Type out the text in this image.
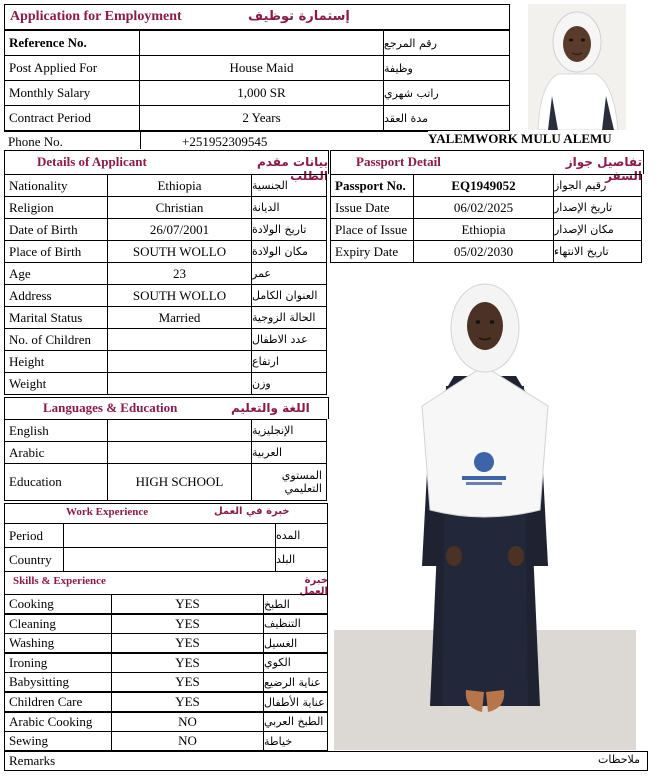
Application for Employment	إستمارة توظيف
Reference No.	رقم المرجع
Post Applied For	House Maid	وظيفة
Monthly Salary	1,000 SR	راتب شهري
Contract Period	2 Years	مدة العقد
Phone No.	+251952309545	YALEMWORK MULU ALEMU
Details of Applicant	بيانات مقدم الطلب
Nationality	Ethiopia	الجنسية
Religion	Christian	الديانة
Date of Birth	26/07/2001	تاريخ الولادة
Place of Birth	SOUTH WOLLO	مكان الولادة
Age	23	عمر
Address	SOUTH WOLLO	العنوان الكامل
Marital Status	Married	الحالة الزوجية
No. of Children	عدد الاطفال
Height	ارتفاع
Weight	وزن
Passport Detail	تفاصيل جواز السفر
Passport No.	EQ1949052	رقيم الجواز
Issue Date	06/02/2025	تاريخ الإصدار
Place of Issue	Ethiopia	مكان الإصدار
Expiry Date	05/02/2030	تاريخ الانتهاء
Languages & Education	اللغة والتعليم
English	الإنجليزية
Arabic	العربية
Education	HIGH SCHOOL	المستوي التعليمي
Work Experience	خبرة في العمل
Period	المده
Country	البلد
Skills & Experience	خبرة العمل
Cooking	YES	الطبخ
Cleaning	YES	التنظيف
Washing	YES	الغسيل
Ironing	YES	الكوي
Babysitting	YES	عناية الرضيع
Children Care	YES	عناية الأطفال
Arabic Cooking	NO	الطبخ العربي
Sewing	NO	خياطة
Remarks	ملاحظات
